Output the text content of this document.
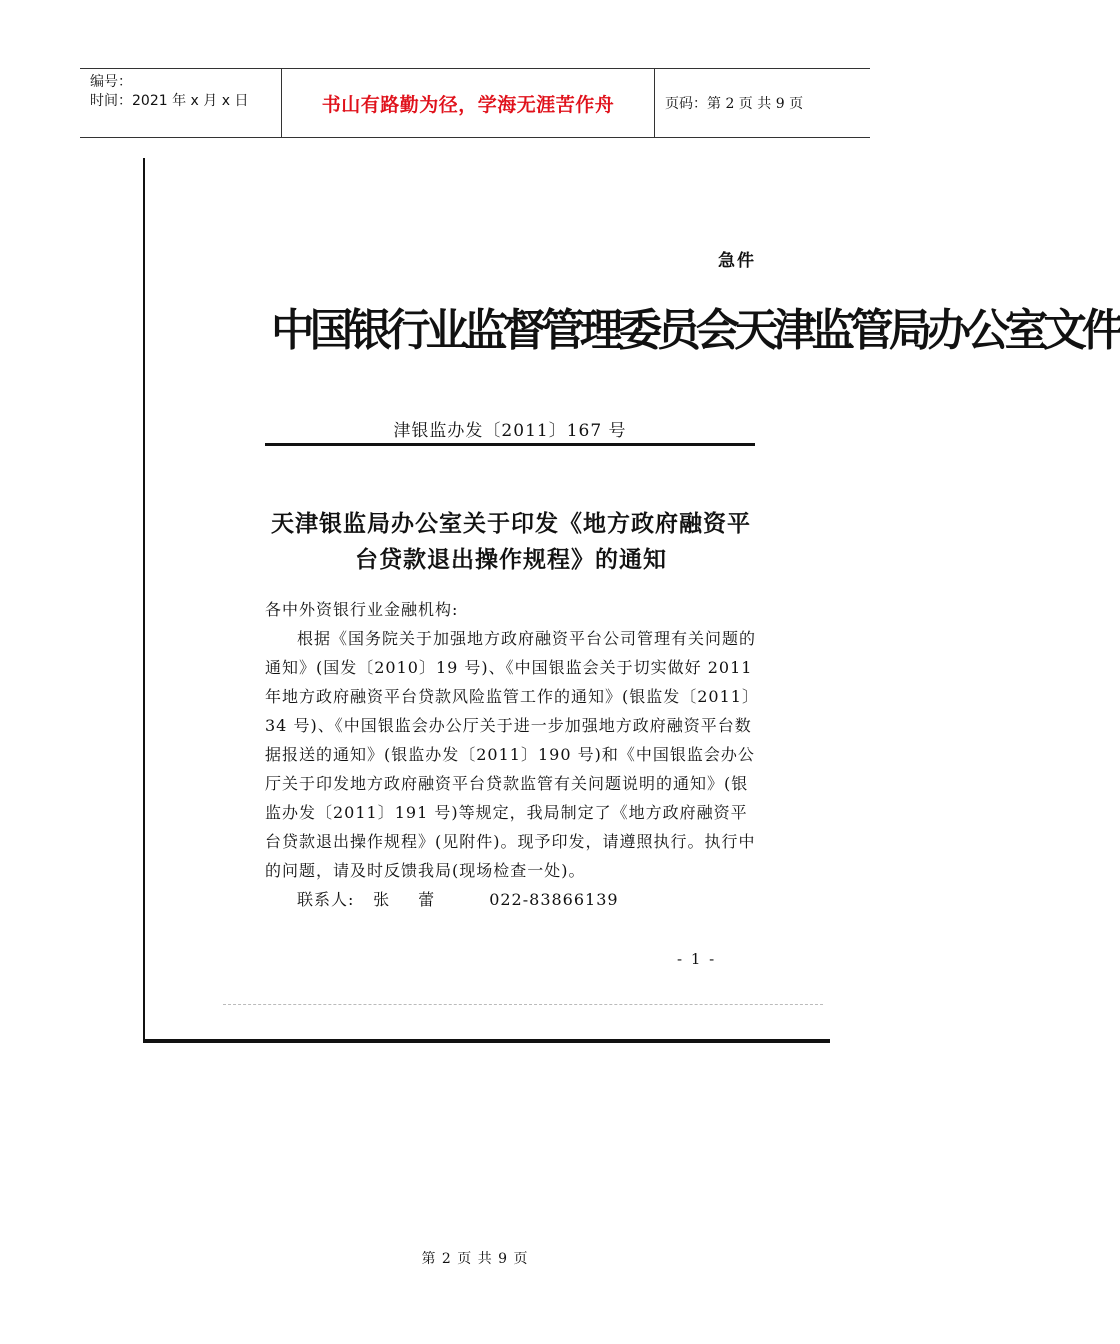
编号：
时间：2021 年 x 月 x 日	书山有路勤为径，学海无涯苦作舟	页码：第 2 页 共 9 页
急件
中国银行业监督管理委员会天津监管局办公室文件
津银监办发〔2011〕167 号
天津银监局办公室关于印发《地方政府融资平
台贷款退出操作规程》的通知

各中外资银行业金融机构:

根据《国务院关于加强地方政府融资平台公司管理有关问题的通知》(国发〔2010〕19 号)、《中国银监会关于切实做好 2011 年地方政府融资平台贷款风险监管工作的通知》(银监发〔2011〕34 号)、《中国银监会办公厅关于进一步加强地方政府融资平台数据报送的通知》(银监办发〔2011〕190 号)和《中国银监会办公厅关于印发地方政府融资平台贷款监管有关问题说明的通知》(银监办发〔2011〕191 号)等规定，我局制定了《地方政府融资平台贷款退出操作规程》(见附件)。现予印发，请遵照执行。执行中的问题，请及时反馈我局(现场检查一处)。

联系人: 张 蕾	022-83866139

- 1 -
第 2 页 共 9 页
